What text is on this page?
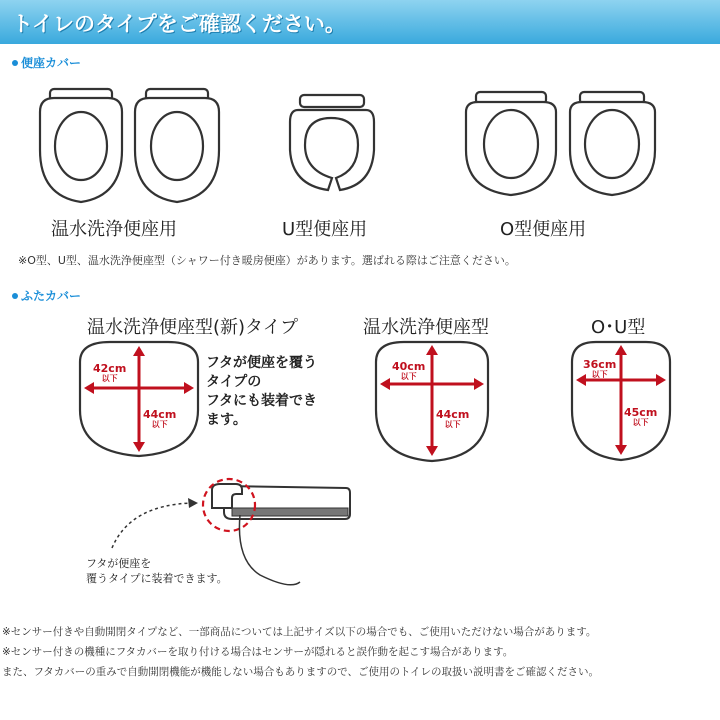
トイレのタイプをご確認ください。
便座カバー
温水洗浄便座用	U型便座用	O型便座用
※O型、U型、温水洗浄便座型（シャワー付き暖房便座）があります。選ばれる際はご注意ください。
ふたカバー
温水洗浄便座型(新)タイプ	温水洗浄便座型	O･U型
42cm
以下
44cm
以下
40cm
以下
44cm
以下
36cm
以下
45cm
以下
フタが便座を覆う
タイプの
フタにも装着でき
ます。
フタが便座を
覆うタイプに装着できます。
※センサー付きや自動開閉タイプなど、一部商品については上記サイズ以下の場合でも、ご使用いただけない場合があります。
※センサー付きの機種にフタカバーを取り付ける場合はセンサーが隠れると誤作動を起こす場合があります。
また、フタカバーの重みで自動開閉機能が機能しない場合もありますので、ご使用のトイレの取扱い説明書をご確認ください。
